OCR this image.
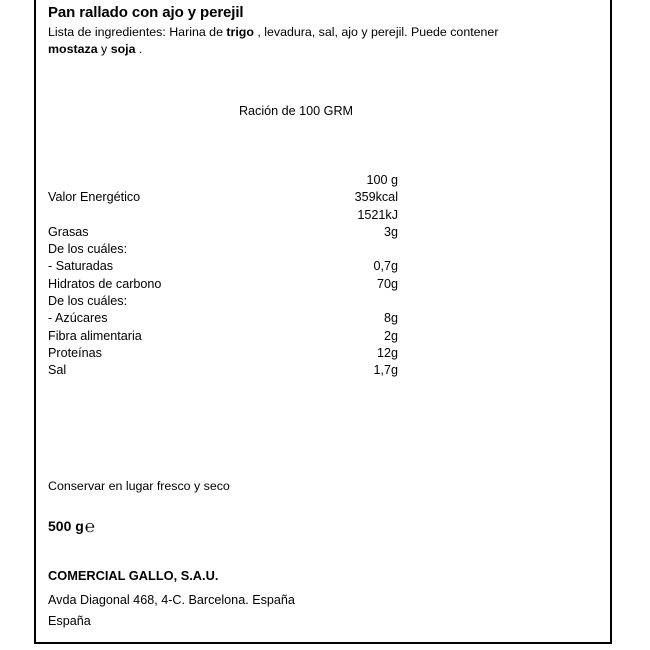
Pan rallado con ajo y perejil
Lista de ingredientes: Harina de trigo , levadura, sal, ajo y perejil. Puede contener mostaza y soja .
Ración de 100 GRM
	100 g
Valor Energético	359kcal
	1521kJ
Grasas	3g
De los cuáles:	
- Saturadas	0,7g
Hidratos de carbono	70g
De los cuáles:	
- Azúcares	8g
Fibra alimentaria	2g
Proteínas	12g
Sal	1,7g
Conservar en lugar fresco y seco
500 g℮
COMERCIAL GALLO, S.A.U.
Avda Diagonal 468, 4-C. Barcelona. España
España
